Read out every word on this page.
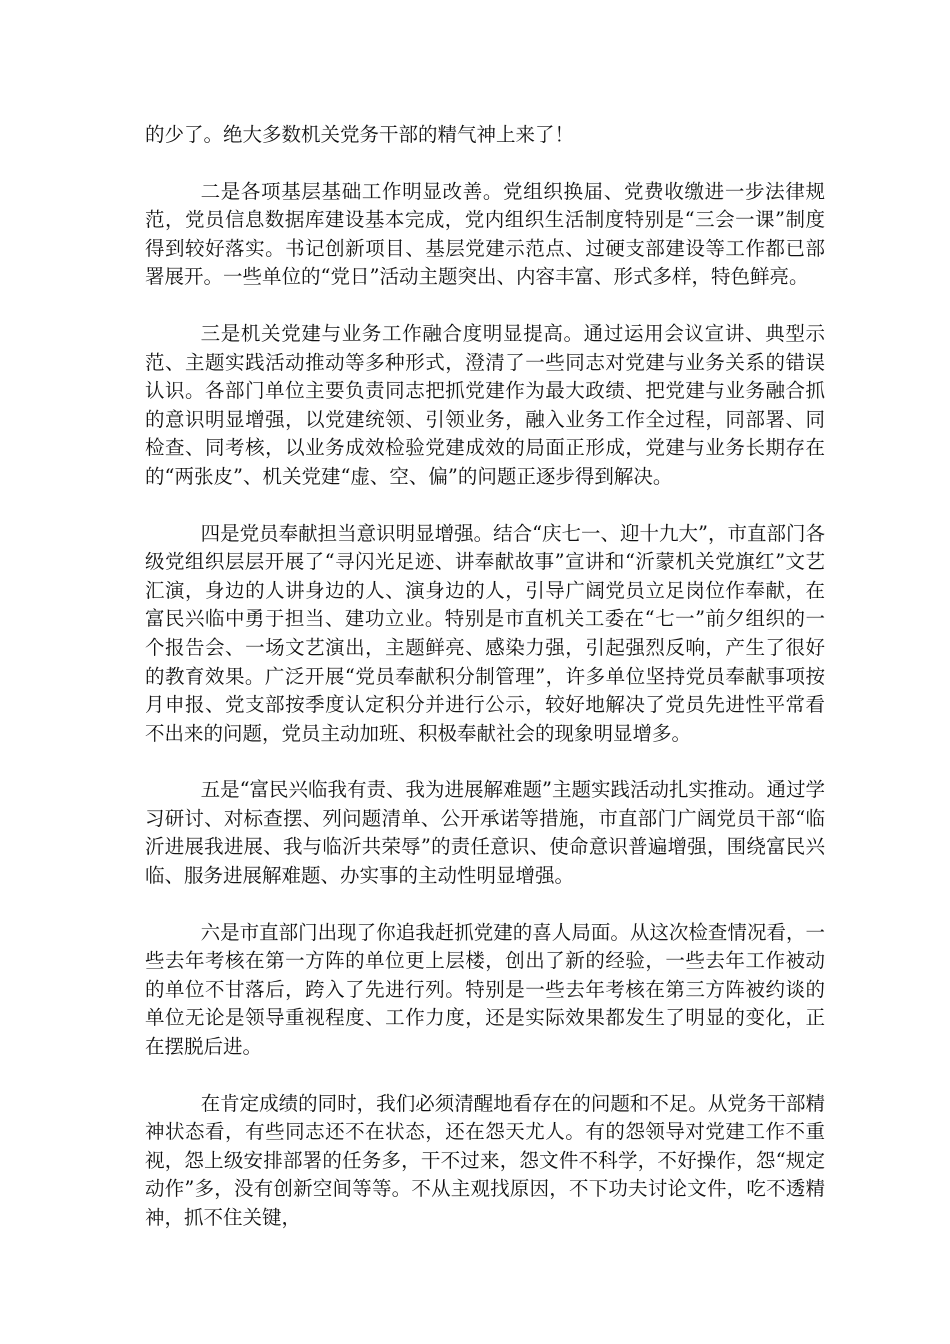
的少了。绝大多数机关党务干部的精气神上来了！

二是各项基层基础工作明显改善。党组织换届、党费收缴进一步法律规范，党员信息数据库建设基本完成，党内组织生活制度特别是“三会一课”制度得到较好落实。书记创新项目、基层党建示范点、过硬支部建设等工作都已部署展开。一些单位的“党日”活动主题突出、内容丰富、形式多样，特色鲜亮。

三是机关党建与业务工作融合度明显提高。通过运用会议宣讲、典型示范、主题实践活动推动等多种形式，澄清了一些同志对党建与业务关系的错误认识。各部门单位主要负责同志把抓党建作为最大政绩、把党建与业务融合抓的意识明显增强，以党建统领、引领业务，融入业务工作全过程，同部署、同检查、同考核，以业务成效检验党建成效的局面正形成，党建与业务长期存在的“两张皮”、机关党建“虚、空、偏”的问题正逐步得到解决。

四是党员奉献担当意识明显增强。结合“庆七一、迎十九大”，市直部门各级党组织层层开展了“寻闪光足迹、讲奉献故事”宣讲和“沂蒙机关党旗红”文艺汇演，身边的人讲身边的人、演身边的人，引导广阔党员立足岗位作奉献，在富民兴临中勇于担当、建功立业。特别是市直机关工委在“七一”前夕组织的一个报告会、一场文艺演出，主题鲜亮、感染力强，引起强烈反响，产生了很好的教育效果。广泛开展“党员奉献积分制管理”，许多单位坚持党员奉献事项按月申报、党支部按季度认定积分并进行公示，较好地解决了党员先进性平常看不出来的问题，党员主动加班、积极奉献社会的现象明显增多。

五是“富民兴临我有责、我为进展解难题”主题实践活动扎实推动。通过学习研讨、对标查摆、列问题清单、公开承诺等措施，市直部门广阔党员干部“临沂进展我进展、我与临沂共荣辱”的责任意识、使命意识普遍增强，围绕富民兴临、服务进展解难题、办实事的主动性明显增强。

六是市直部门出现了你追我赶抓党建的喜人局面。从这次检查情况看，一些去年考核在第一方阵的单位更上层楼，创出了新的经验，一些去年工作被动的单位不甘落后，跨入了先进行列。特别是一些去年考核在第三方阵被约谈的单位无论是领导重视程度、工作力度，还是实际效果都发生了明显的变化，正在摆脱后进。

在肯定成绩的同时，我们必须清醒地看存在的问题和不足。从党务干部精神状态看，有些同志还不在状态，还在怨天尤人。有的怨领导对党建工作不重视，怨上级安排部署的任务多，干不过来，怨文件不科学，不好操作，怨“规定动作”多，没有创新空间等等。不从主观找原因，不下功夫讨论文件，吃不透精神，抓不住关键，
